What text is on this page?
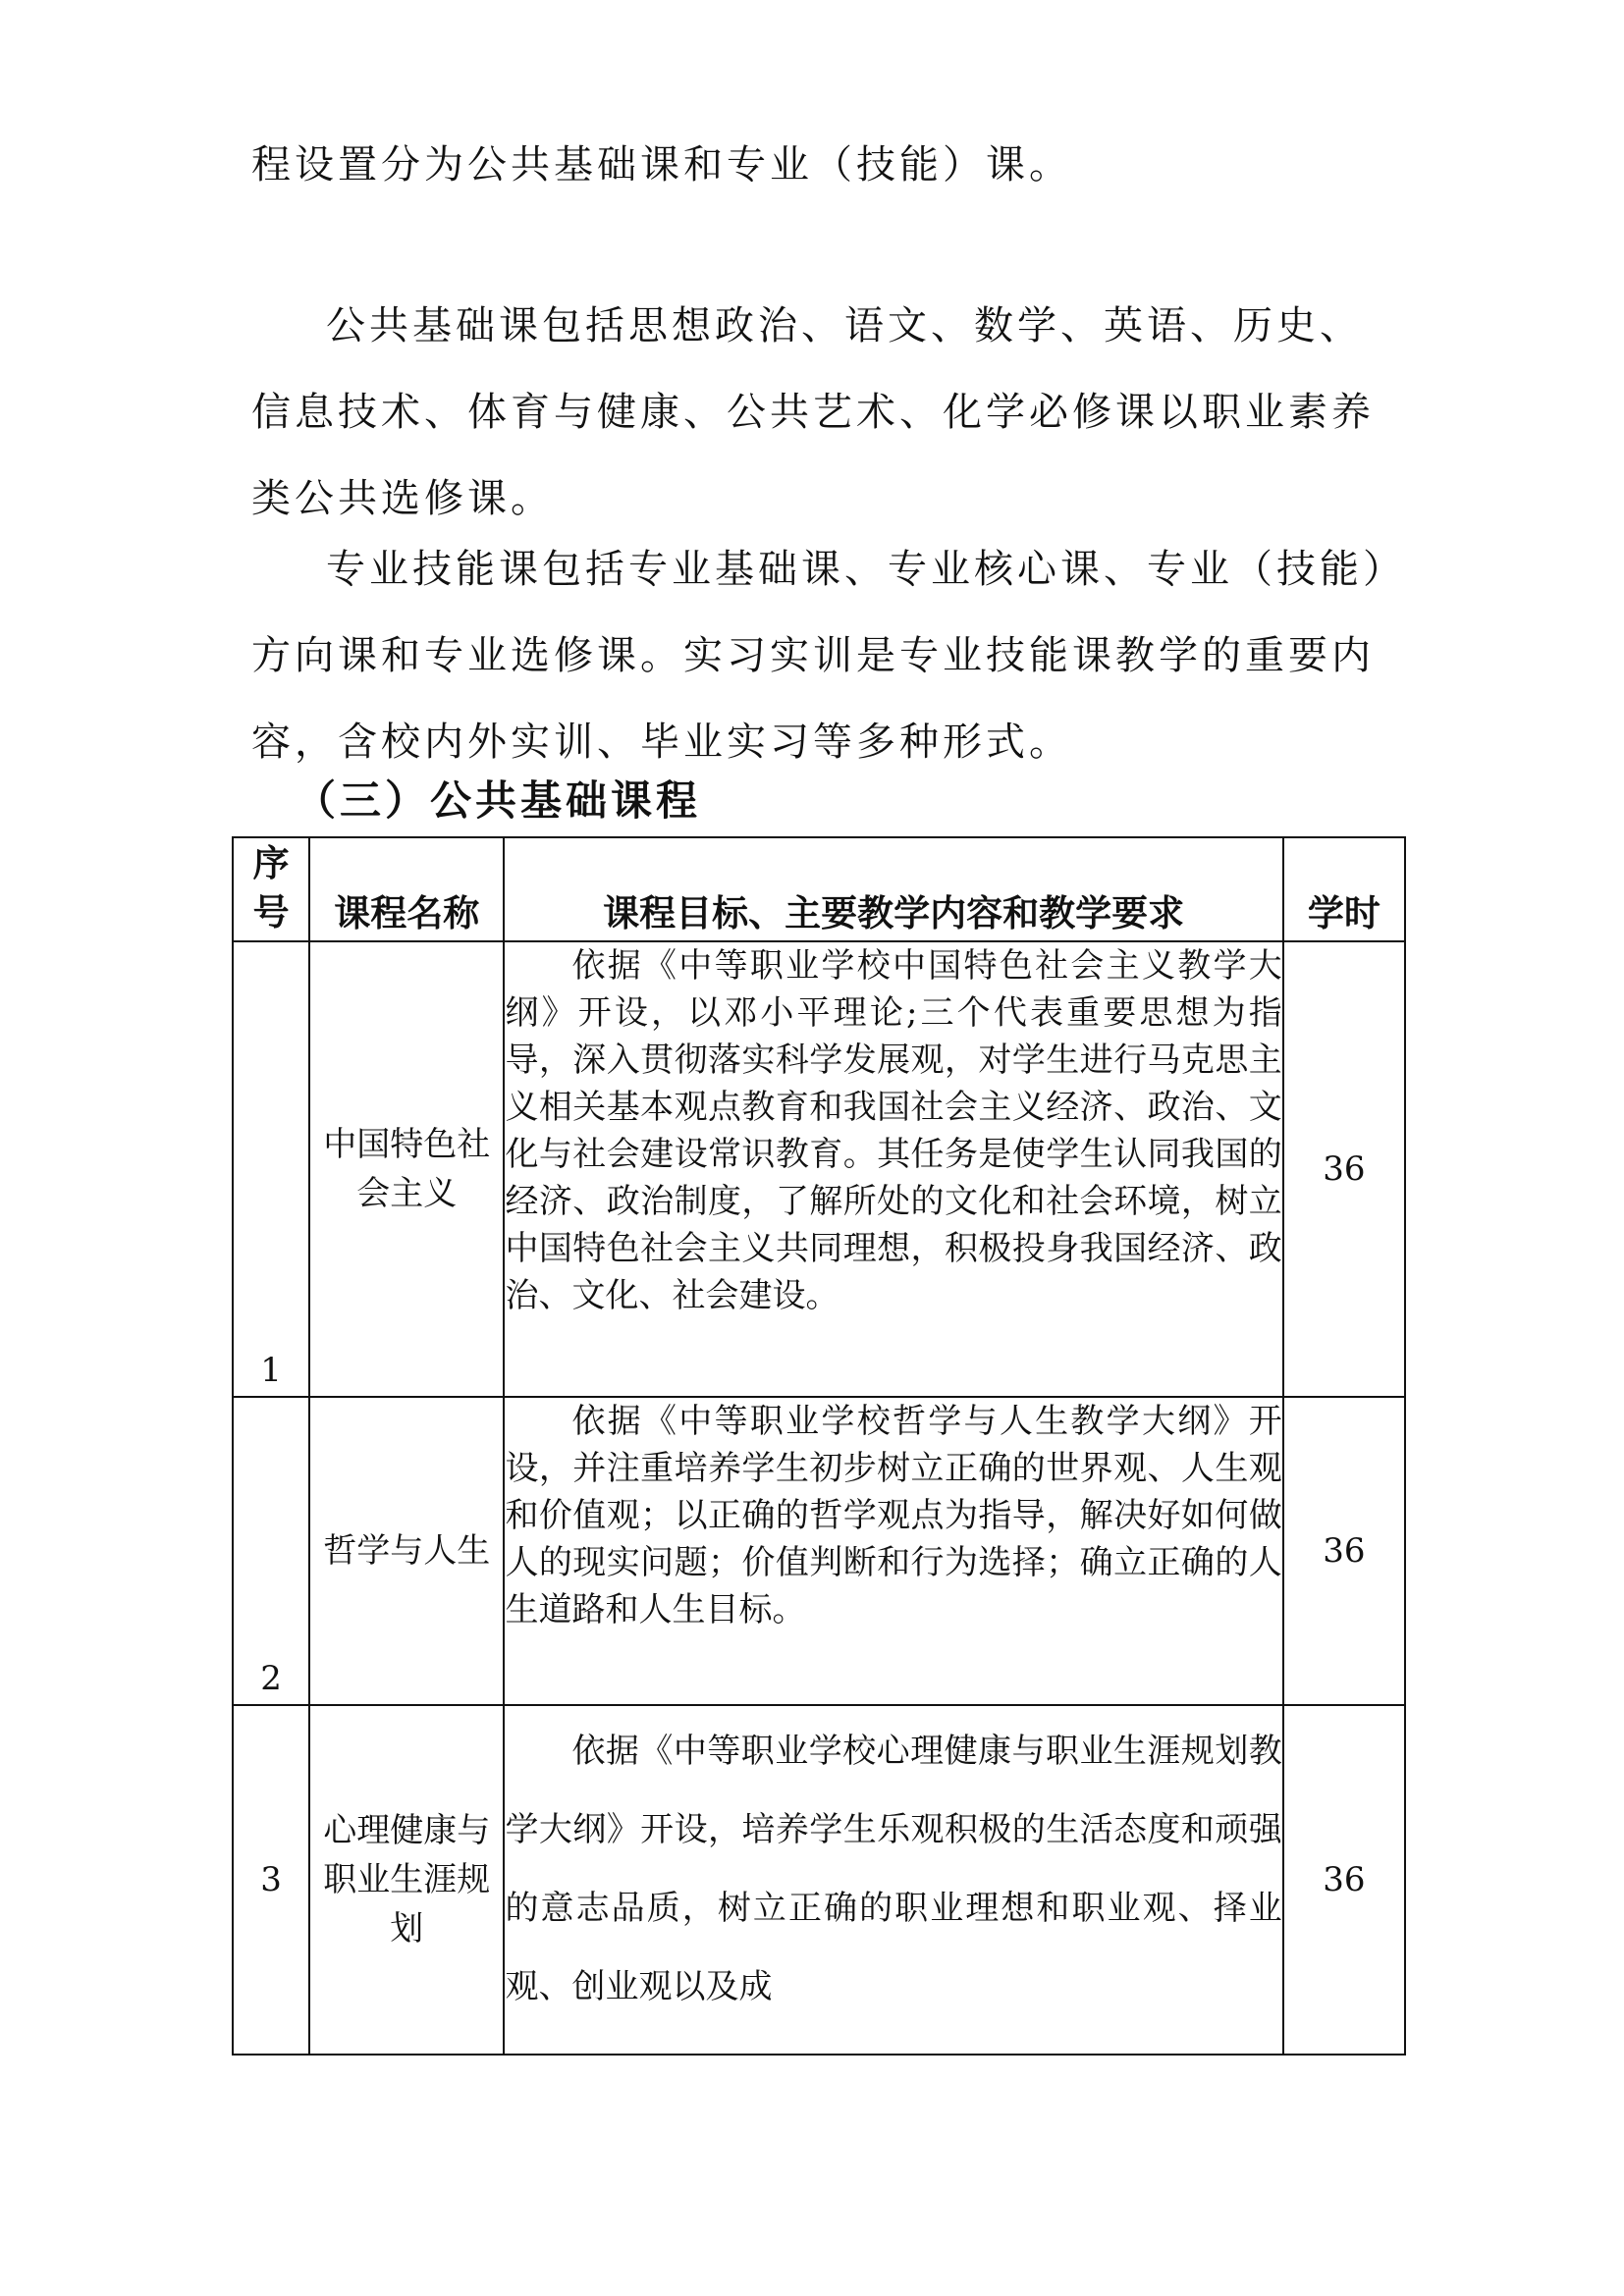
程设置分为公共基础课和专业（技能）课。
公共基础课包括思想政治、语文、数学、英语、历史、
信息技术、体育与健康、公共艺术、化学必修课以职业素养
类公共选修课。
专业技能课包括专业基础课、专业核心课、专业（技能）
方向课和专业选修课。实习实训是专业技能课教学的重要内
容，含校内外实训、毕业实习等多种形式。
（三）公共基础课程
序
号	课程名称	课程目标、主要教学内容和教学要求	学时
1	中国特色社会主义	依据《中等职业学校中国特色社会主义教学大纲》开设，以邓小平理论;三个代表重要思想为指导，深入贯彻落实科学发展观，对学生进行马克思主义相关基本观点教育和我国社会主义经济、政治、文化与社会建设常识教育。其任务是使学生认同我国的经济、政治制度，了解所处的文化和社会环境，树立中国特色社会主义共同理想，积极投身我国经济、政治、文化、社会建设。	36
2	哲学与人生	依据《中等职业学校哲学与人生教学大纲》开设，并注重培养学生初步树立正确的世界观、人生观和价值观；以正确的哲学观点为指导，解决好如何做人的现实问题；价值判断和行为选择；确立正确的人生道路和人生目标。	36
3	心理健康与职业生涯规划	依据《中等职业学校心理健康与职业生涯规划教学大纲》开设，培养学生乐观积极的生活态度和顽强的意志品质，树立正确的职业理想和职业观、择业观、创业观以及成	36
